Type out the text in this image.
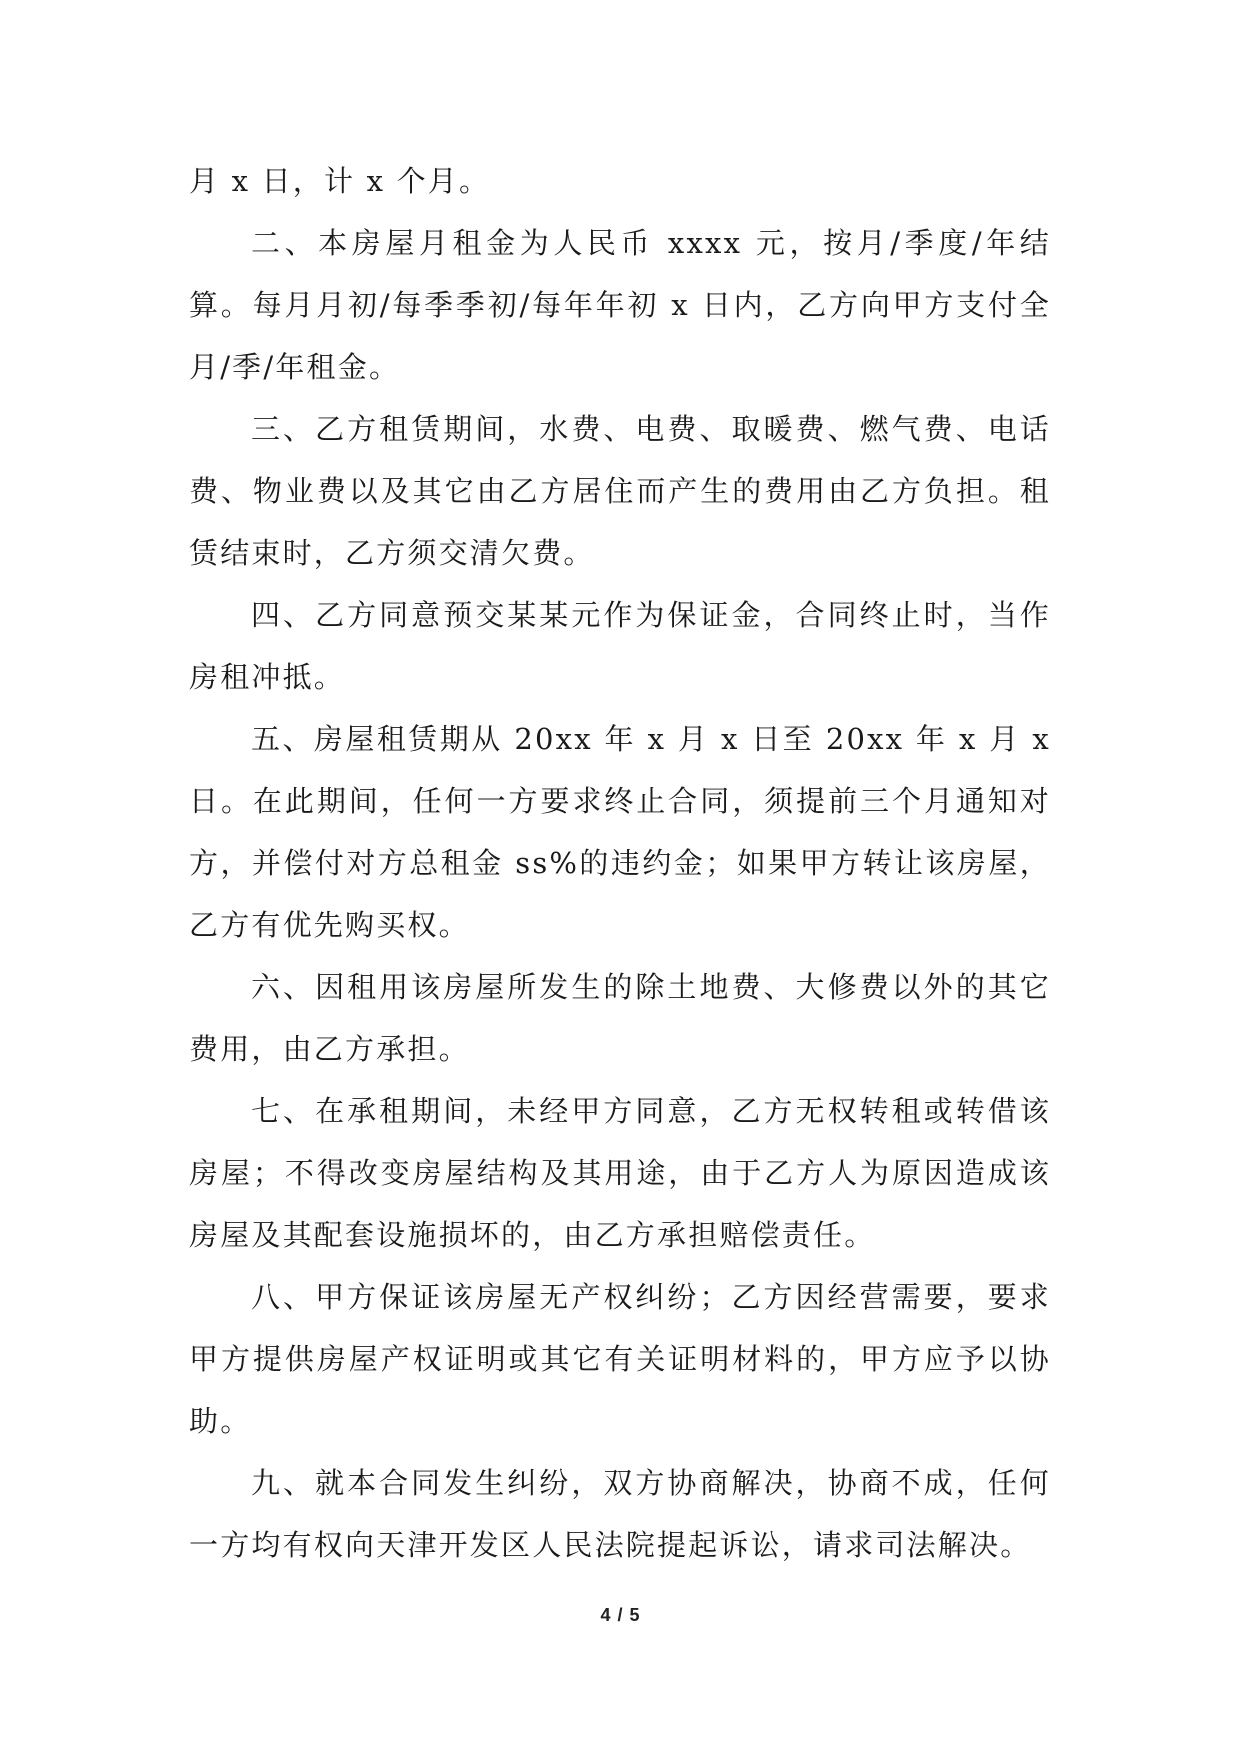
月 x 日，计 x 个月。

二、本房屋月租金为人民币 xxxx 元，按月/季度/年结算。每月月初/每季季初/每年年初 x 日内，乙方向甲方支付全月/季/年租金。

三、乙方租赁期间，水费、电费、取暖费、燃气费、电话费、物业费以及其它由乙方居住而产生的费用由乙方负担。租赁结束时，乙方须交清欠费。

四、乙方同意预交某某元作为保证金，合同终止时，当作房租冲抵。

五、房屋租赁期从 20xx 年 x 月 x 日至 20xx 年 x 月 x 日。在此期间，任何一方要求终止合同，须提前三个月通知对方，并偿付对方总租金 ss%的违约金；如果甲方转让该房屋，乙方有优先购买权。

六、因租用该房屋所发生的除土地费、大修费以外的其它费用，由乙方承担。

七、在承租期间，未经甲方同意，乙方无权转租或转借该房屋；不得改变房屋结构及其用途，由于乙方人为原因造成该房屋及其配套设施损坏的，由乙方承担赔偿责任。

八、甲方保证该房屋无产权纠纷；乙方因经营需要，要求甲方提供房屋产权证明或其它有关证明材料的，甲方应予以协助。

九、就本合同发生纠纷，双方协商解决，协商不成，任何一方均有权向天津开发区人民法院提起诉讼，请求司法解决。

4 / 5
